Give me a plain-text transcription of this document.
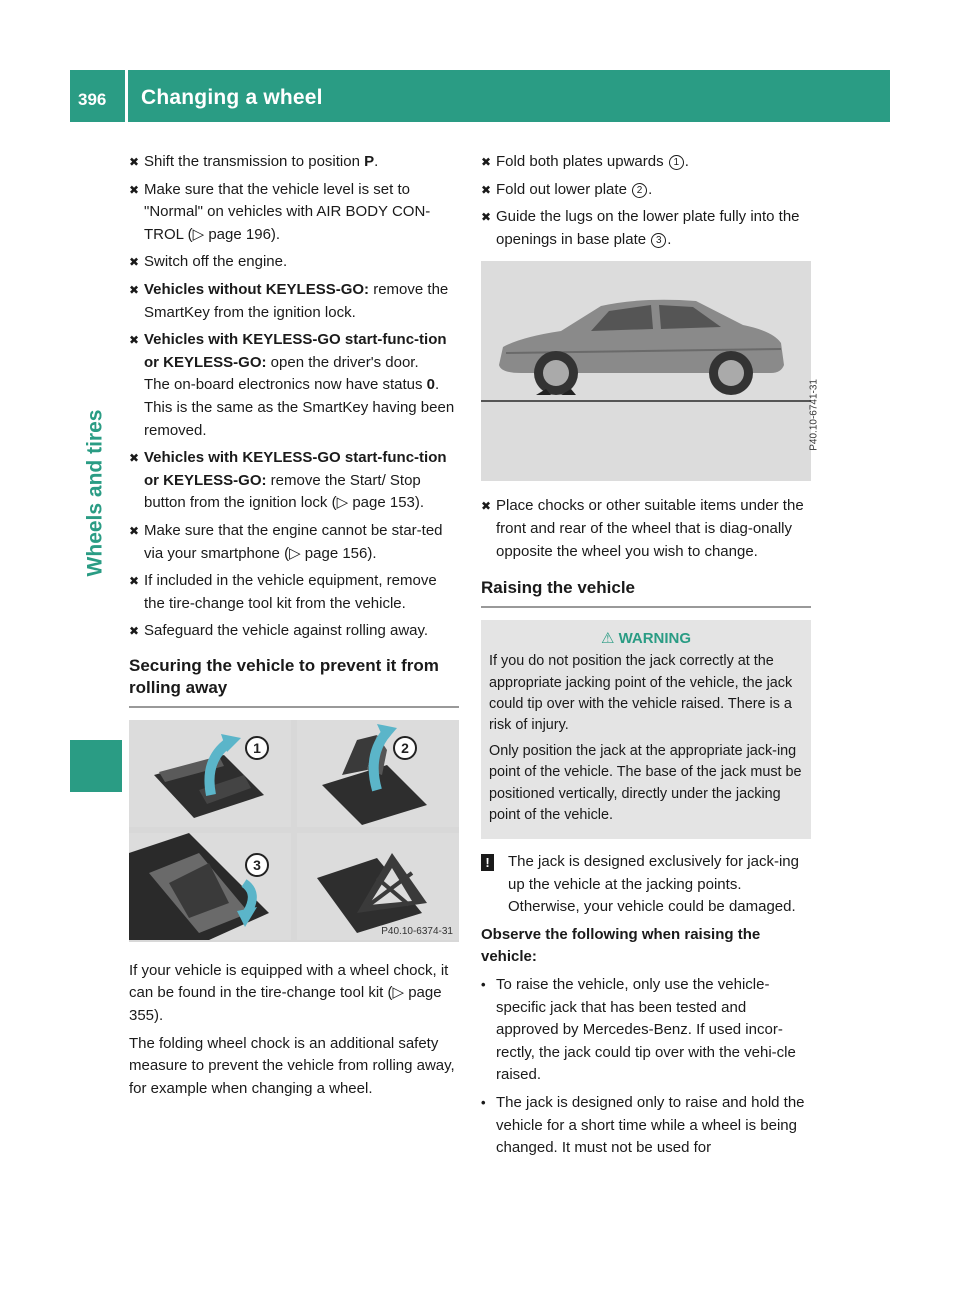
396 Changing a wheel
Wheels and tires
✖ Shift the transmission to position P.
✖ Make sure that the vehicle level is set to "Normal" on vehicles with AIR BODY CON-TROL (▷ page 196).
✖ Switch off the engine.
✖ Vehicles without KEYLESS-GO: remove the SmartKey from the ignition lock.
✖ Vehicles with KEYLESS-GO start-func-tion or KEYLESS-GO: open the driver's door.
The on-board electronics now have status 0. This is the same as the SmartKey having been removed.
✖ Vehicles with KEYLESS-GO start-func-tion or KEYLESS-GO: remove the Start/ Stop button from the ignition lock (▷ page 153).
✖ Make sure that the engine cannot be star-ted via your smartphone (▷ page 156).
✖ If included in the vehicle equipment, remove the tire-change tool kit from the vehicle.
✖ Safeguard the vehicle against rolling away.
Securing the vehicle to prevent it from rolling away
1	2
3
P40.10-6374-31
If your vehicle is equipped with a wheel chock, it can be found in the tire-change tool kit (▷ page 355).
The folding wheel chock is an additional safety measure to prevent the vehicle from rolling away, for example when changing a wheel.
✖ Fold both plates upwards 1 .
✖ Fold out lower plate 2 .
✖ Guide the lugs on the lower plate fully into the openings in base plate 3 .
P40.10-6741-31
✖ Place chocks or other suitable items under the front and rear of the wheel that is diag-onally opposite the wheel you wish to change.
Raising the vehicle
⚠ WARNING

If you do not position the jack correctly at the appropriate jacking point of the vehicle, the jack could tip over with the vehicle raised. There is a risk of injury.

Only position the jack at the appropriate jack-ing point of the vehicle. The base of the jack must be positioned vertically, directly under the jacking point of the vehicle.

! The jack is designed exclusively for jack-ing up the vehicle at the jacking points. Otherwise, your vehicle could be damaged.
Observe the following when raising the vehicle:
• To raise the vehicle, only use the vehicle-specific jack that has been tested and approved by Mercedes-Benz. If used incor-rectly, the jack could tip over with the vehi-cle raised.
• The jack is designed only to raise and hold the vehicle for a short time while a wheel is being changed. It must not be used for
